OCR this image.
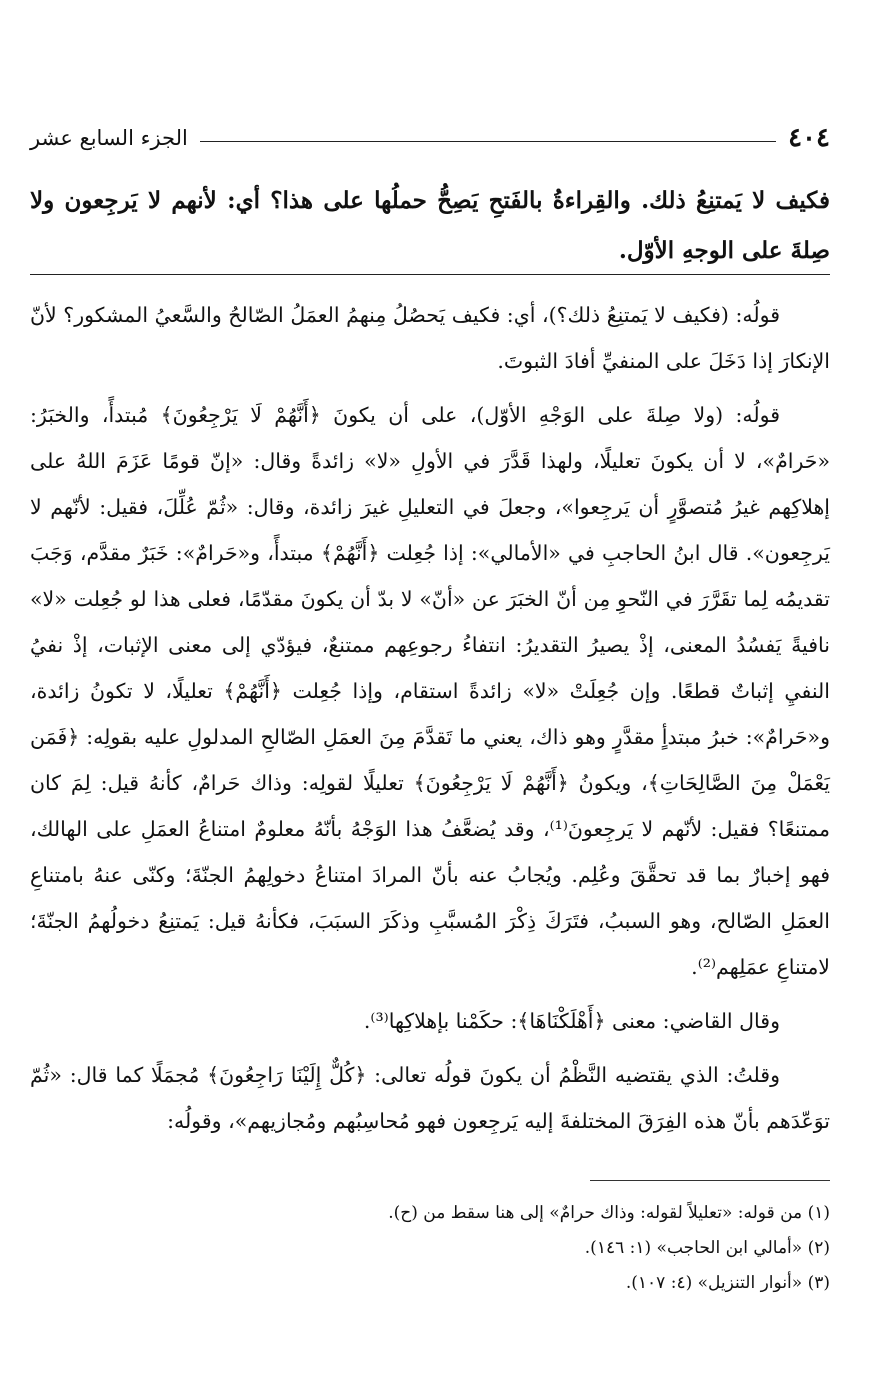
٤٠٤
الجزء السابع عشر
فكيف لا يَمتنِعُ ذلك. والقِراءةُ بالفَتحِ يَصِحُّ حملُها على هذا؟ أي: لأنهم لا يَرجِعون ولا صِلةَ على الوجهِ الأوّل.

قولُه: (فكيف لا يَمتنِعُ ذلك؟)، أي: فكيف يَحصُلُ مِنهمُ العمَلُ الصّالحُ والسَّعيُ المشكور؟ لأنّ الإنكارَ إذا دَخَلَ على المنفيِّ أفادَ الثبوتَ.

قولُه: (ولا صِلةَ على الوَجْهِ الأوّل)، على أن يكونَ ﴿أَنَّهُمْ لَا يَرْجِعُونَ﴾ مُبتدأً، والخبَرُ: «حَرامٌ»، لا أن يكونَ تعليلًا، ولهذا قَدَّرَ في الأولِ «لا» زائدةً وقال: «إنّ قومًا عَزَمَ اللهُ على إهلاكِهم غيرُ مُتصوَّرٍ أن يَرجِعوا»، وجعلَ في التعليلِ غيرَ زائدة، وقال: «ثُمّ عُلِّلَ، فقيل: لأنّهم لا يَرجِعون». قال ابنُ الحاجبِ في «الأمالي»: إذا جُعِلت ﴿أَنَّهُمْ﴾ مبتدأً، و«حَرامٌ»: خَبَرٌ مقدَّم، وَجَبَ تقديمُه لِما تقَرَّرَ في النّحوِ مِن أنّ الخبَرَ عن «أنّ» لا بدّ أن يكونَ مقدّمًا، فعلى هذا لو جُعِلت «لا» نافيةً يَفسُدُ المعنى، إذْ يصيرُ التقديرُ: انتفاءُ رجوعِهم ممتنعٌ، فيؤدّي إلى معنى الإثبات، إذْ نفيُ النفيِ إثباتٌ قطعًا. وإن جُعِلَتْ «لا» زائدةً استقام، وإذا جُعِلت ﴿أَنَّهُمْ﴾ تعليلًا، لا تكونُ زائدة، و«حَرامٌ»: خبرُ مبتدأٍ مقدَّرٍ وهو ذاك، يعني ما تَقدَّمَ مِنَ العمَلِ الصّالحِ المدلولِ عليه بقولِه: ﴿فَمَن يَعْمَلْ مِنَ الصَّالِحَاتِ﴾، ويكونُ ﴿أَنَّهُمْ لَا يَرْجِعُونَ﴾ تعليلًا لقولِه: وذاك حَرامٌ، كأنهُ قيل: لِمَ كان ممتنعًا؟ فقيل: لأنّهم لا يَرجِعونَ⁽¹⁾، وقد يُضعَّفُ هذا الوَجْهُ بأنّهُ معلومٌ امتناعُ العمَلِ على الهالك، فهو إخبارٌ بما قد تحقَّقَ وعُلِم. ويُجابُ عنه بأنّ المرادَ امتناعُ دخولِهمُ الجنّةَ؛ وكنّى عنهُ بامتناعِ العمَلِ الصّالح، وهو السببُ، فتَرَكَ ذِكْرَ المُسبَّبِ وذكَرَ السبَبَ، فكأنهُ قيل: يَمتنِعُ دخولُهمُ الجنّةَ؛ لامتناعِ عمَلِهم⁽²⁾.

وقال القاضي: معنى ﴿أَهْلَكْنَاهَا﴾: حكَمْنا بإهلاكِها⁽³⁾.

وقلتُ: الذي يقتضيه النَّظْمُ أن يكونَ قولُه تعالى: ﴿كُلٌّ إِلَيْنَا رَاجِعُونَ﴾ مُجمَلًا كما قال: «ثُمّ توَعّدَهم بأنّ هذه الفِرَقَ المختلفةَ إليه يَرجِعون فهو مُحاسِبُهم ومُجازيهم»، وقولُه:

(١) من قوله: «تعليلاً لقوله: وذاك حرامٌ» إلى هنا سقط من (ح).
(٢) «أمالي ابن الحاجب» (١: ١٤٦).
(٣) «أنوار التنزيل» (٤: ١٠٧).
